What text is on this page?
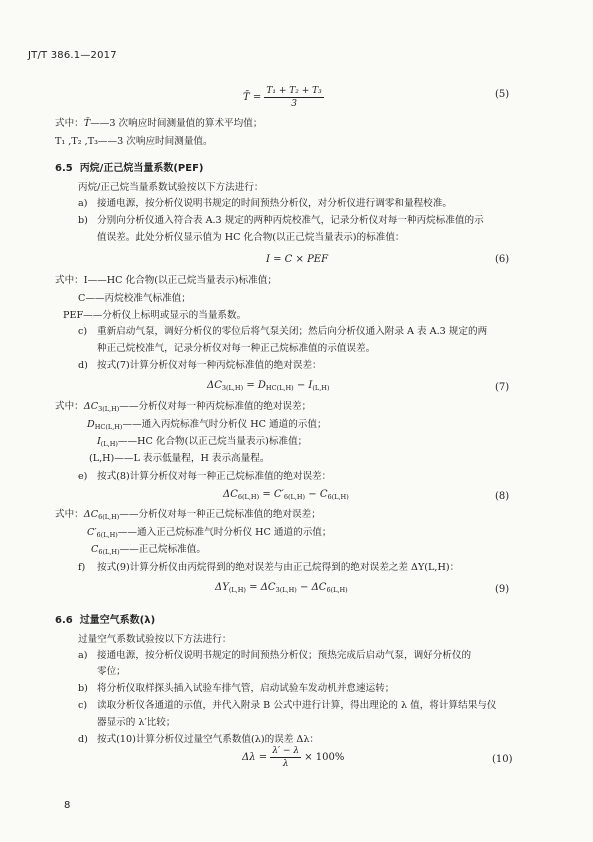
JT/T 386.1—2017
T̄ = $\frac{\text{T₁ + T₂ + T₃}}{3}$	(5)
式中：T̄——3 次响应时间测量值的算术平均值；
T₁ ,T₂ ,T₃——3 次响应时间测量值。
6.5 丙烷/正己烷当量系数(PEF)
丙烷/正己烷当量系数试验按以下方法进行：
a) 接通电源，按分析仪说明书规定的时间预热分析仪，对分析仪进行调零和量程校准。
b) 分别向分析仪通入符合表 A.3 规定的两种丙烷校准气，记录分析仪对每一种丙烷标准值的示
值误差。此处分析仪显示值为 HC 化合物(以正己烷当量表示)的标准值：
I = C × PEF	(6)
式中：I——HC 化合物(以正己烷当量表示)标准值；
C——丙烷校准气标准值；
PEF——分析仪上标明或显示的当量系数。
c) 重新启动气泵，调好分析仪的零位后将气泵关闭；然后向分析仪通入附录 A 表 A.3 规定的两
种正己烷校准气，记录分析仪对每一种正己烷标准值的示值误差。
d) 按式(7)计算分析仪对每一种丙烷标准值的绝对误差：
$\Delta C_{3(L,H)} = D_{HC(L,H)} - I_{(L,H)}$	(7)
式中：$\Delta C_{3(L,H)}——$分析仪对每一种丙烷标准值的绝对误差；
$D_{HC(L,H)}——$通入丙烷标准气时分析仪 HC 通道的示值；
$I_{(L,H)}——HC$ 化合物(以正己烷当量表示)标准值；
(L,H)——L 表示低量程，H 表示高量程。
e) 按式(8)计算分析仪对每一种正己烷标准值的绝对误差：
$\Delta C_{6(L,H)} = C'_{6(L,H)} - C_{6(L,H)}$	(8)
式中：$\Delta C_{6(L,H)}——$分析仪对每一种正己烷标准值的绝对误差；
$C'_{6(L,H)}——$通入正己烷标准气时分析仪 HC 通道的示值；
$C_{6(L,H)}——$正己烷标准值。
f) 按式(9)计算分析仪由丙烷得到的绝对误差与由正己烷得到的绝对误差之差 ΔY(L,H)：
$\Delta Y_{(L,H)} = \Delta C_{3(L,H)} - \Delta C_{6(L,H)}$	(9)
6.6 过量空气系数(λ)
过量空气系数试验按以下方法进行：
a) 接通电源，按分析仪说明书规定的时间预热分析仪；预热完成后启动气泵，调好分析仪的
零位；
b) 将分析仪取样探头插入试验车排气管，启动试验车发动机并怠速运转；
c) 读取分析仪各通道的示值，并代入附录 B 公式中进行计算，得出理论的 λ 值，将计算结果与仪
器显示的 λ′比较；
d) 按式(10)计算分析仪过量空气系数值(λ)的误差 Δλ：
$\Delta\lambda = \frac{\lambda' - \lambda}{\lambda} \times 100\%$	(10)
8
